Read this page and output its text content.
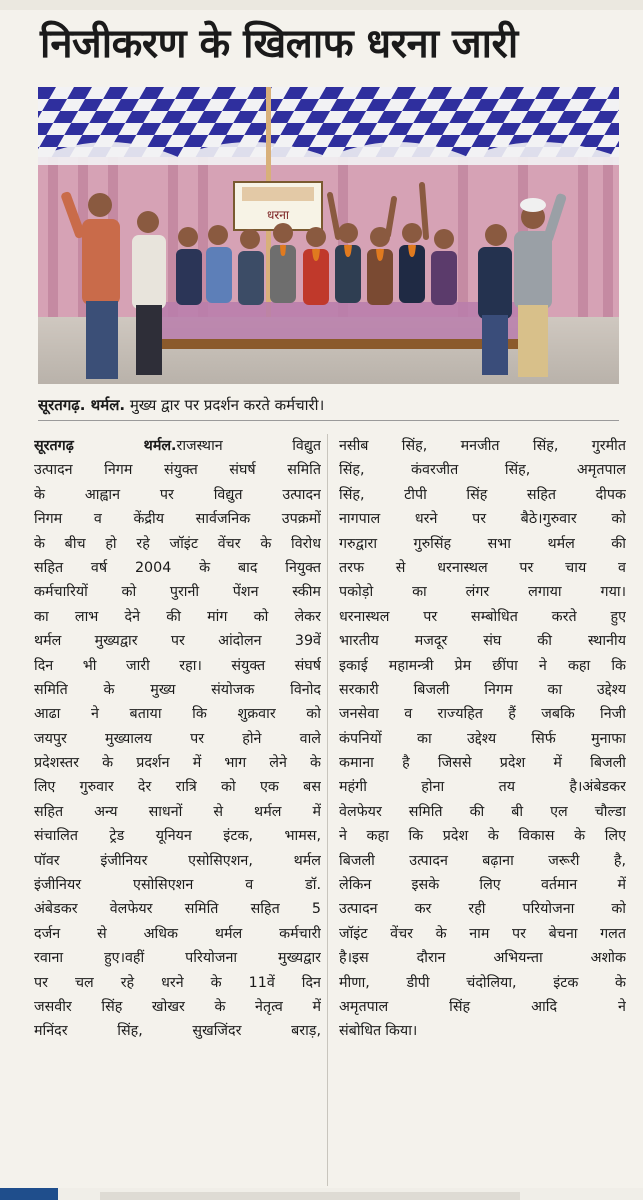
निजीकरण के खिलाफ धरना जारी
धरना
सूरतगढ़. थर्मल. मुख्य द्वार पर प्रदर्शन करते कर्मचारी।
सूरतगढ़ थर्मल.राजस्थान विद्युत
उत्पादन निगम संयुक्त संघर्ष समिति
के आह्वान पर विद्युत उत्पादन
निगम व केंद्रीय सार्वजनिक उपक्रमों
के बीच हो रहे जॉइंट वेंचर के विरोध
सहित वर्ष 2004 के बाद नियुक्त
कर्मचारियों को पुरानी पेंशन स्कीम
का लाभ देने की मांग को लेकर
थर्मल मुख्यद्वार पर आंदोलन 39वें
दिन भी जारी रहा। संयुक्त संघर्ष
समिति के मुख्य संयोजक विनोद
आढा ने बताया कि शुक्रवार को
जयपुर मुख्यालय पर होने वाले
प्रदेशस्तर के प्रदर्शन में भाग लेने के
लिए गुरुवार देर रात्रि को एक बस
सहित अन्य साधनों से थर्मल में
संचालित ट्रेड यूनियन इंटक, भामस,
पॉवर इंजीनियर एसोसिएशन, थर्मल
इंजीनियर एसोसिएशन व डॉ.
अंबेडकर वेलफेयर समिति सहित 5
दर्जन से अधिक थर्मल कर्मचारी
रवाना हुए।वहीं परियोजना मुख्यद्वार
पर चल रहे धरने के 11वें दिन
जसवीर सिंह खोखर के नेतृत्व में
मनिंदर सिंह, सुखजिंदर बराड़,
नसीब सिंह, मनजीत सिंह, गुरमीत
सिंह, कंवरजीत सिंह, अमृतपाल
सिंह, टीपी सिंह सहित दीपक
नागपाल धरने पर बैठे।गुरुवार को
गरुद्वारा गुरुसिंह सभा थर्मल की
तरफ से धरनास्थल पर चाय व
पकोड़ो का लंगर लगाया गया।
धरनास्थल पर सम्बोधित करते हुए
भारतीय मजदूर संघ की स्थानीय
इकाई महामन्त्री प्रेम छींपा ने कहा कि
सरकारी बिजली निगम का उद्देश्य
जनसेवा व राज्यहित हैं जबकि निजी
कंपनियों का उद्देश्य सिर्फ मुनाफा
कमाना है जिससे प्रदेश में बिजली
महंगी होना तय है।अंबेडकर
वेलफेयर समिति की बी एल चौल्डा
ने कहा कि प्रदेश के विकास के लिए
बिजली उत्पादन बढ़ाना जरूरी है,
लेकिन इसके लिए वर्तमान में
उत्पादन कर रही परियोजना को
जॉइंट वेंचर के नाम पर बेचना गलत
है।इस दौरान अभियन्ता अशोक
मीणा, डीपी चंदोलिया, इंटक के
अमृतपाल सिंह आदि ने
संबोधित किया।
